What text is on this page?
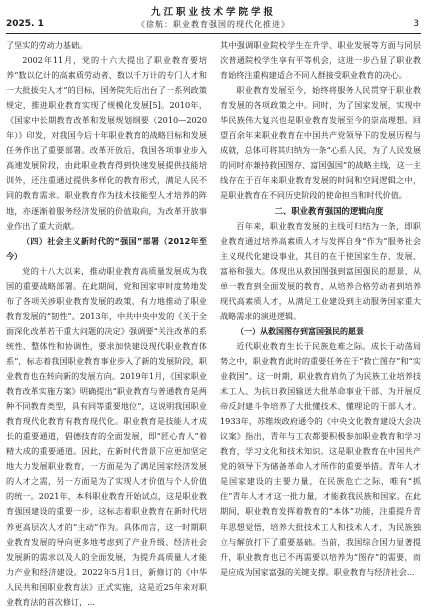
九江职业技术学院学报
2025. 1	《徐航：职业教育强国的现代化推进》	3

了坚实的劳动力基础。

2002年11月，党的十六大提出了职业教育要培养“数以亿计的高素质劳动者、数以千万计的专门人才和一大批拔尖人才”的目标，国务院先后出台了一系列政策规定，推进职业教育实现了规模化发展[5]。2010年，《国家中长期教育改革和发展规划纲要（2010—2020年）》印发，对我国今后十年职业教育的战略目标和发展任务作出了重要部署。改革开放后，我国各项事业步入高速发展阶段，由此职业教育得到快速发展提供技能培训外，还注重通过提供多样化的教育形式，满足人民不同的教育需求。职业教育作为技术技能型人才培养的阵地，亦逐渐着服务经济发展的价值取向，为改革开放事业作出了重大贡献。

（四）社会主义新时代的“强国”部署（2012年至今）

党的十八大以来，推动职业教育高质量发展成为我国的重要战略部署。在此期间，党和国家审时度势地发布了各项关涉职业教育发展的政策，有力地推动了职业教育发展的“韧性”。2013年，中共中央中发的《关于全面深化改革若干重大问题的决定》强调要“关注改革的系统性、整体性和协调性，要求加快建设现代职业教育体系”，标志着我国职业教育事业步入了新的发展阶段，职业教育也在转向新的发展方向。2019年1月，《国家职业教育改革实施方案》明确提出“职业教育与普通教育是两种不同教育类型，具有同等重要地位”，这说明我国职业教育现代化教育有教育现代化。职业教育是技能人才成长的重要通道，倡德技育的全面发展，即“匠心育人”着精大成的重要通道。因此，在新时代背景下应更加坚定地大力发展职业教育，一方面是为了满足国家经济发展的人才之需，另一方面是为了实现人才价值与个人价值的统一。2021年，本科职业教育开始试点，这是职业教育强国建设的重要一步，这标志着职业教育在新时代培养更高层次人才的“主动”作为。具体而言，这一时期职业教育发展的导向更多地考虑到了产业升级、经济社会发展新的需求以及人的全面发展，为提升高质量人才能力产业和经济建设。2022年5月1日，新修订的《中华人民共和国职业教育法》正式实施，这是近25年来对职业教育法的首次修订，...

其中强调职业院校学生在升学、职业发展等方面与同层次普通院校学生享有平等机会，这进一步凸显了职业教育始终注重构建适合不同人群接受职业教育的决心。

职业教育发展至今，始终将服务人民贯穿于职业教育发展的各项政策之中。同时，为了国家发展，实现中华民族伟大复兴也是职业教育发展至今的崇高理想。回望百余年来职业教育在中国共产党领导下的发展历程与成就，总体可将其归纳为一条“心系人民，为了人民发展的同时亦兼持救国图存、富国强国”的战略主线，这一主线存在于百年来职业教育发展的时间和空间逻辑之中，是职业教育在不同历史阶段的使命担当和时代价值。

二、职业教育强国的逻辑向度

百年来，职业教育发展的主线可归结为一条，即职业教育通过培养高素质人才与发挥自身“作为”服务社会主义现代化建设事业，其目的在于使国家生存、发展、富裕和强大。体现出从救国图强到富国强民的愿景、从单一教育到全面发展的教育、从培养合格劳动者到培养现代高素质人才，从满足工业建设到主动服务国家重大战略需求的演进逻辑。

（一）从救国图存到富国强民的愿景

近代职业教育生长于民族危难之际。成长于动荡局势之中，职业教育此时的重要任务在于“救亡图存”和“实业救国”。这一时期，职业教育肩负了为民族工业培养技术工人、为抗日救国输送大批革命事业干部、为开展反帝反封建斗争培养了大批懂技术、懂理论的干部人才。1933年，苏维埃政府通令的《中央文化教育建设大会决议案》指出，青年与工农都要积极参加职业教育和学习教育，学习文化和技术知识。这是职业教育在中国共产党的领导下为储备革命人才所作的重要举措。青年人才是国家建设的主要力量，在民族危亡之际，唯有“抓住”青年人才才这一批力量，才能救我民族和国家。在此期间，职业教育发挥着教育的“本体”功能，注重提升青年思想觉悟，培养大批技术工人和技术人才，为民族独立与解放打下了重要基础。当前，我国综合国力显著提升，职业教育也已不再需要以培养为“图存”的需要，而是应成为国家富强的关键支撑。职业教育与经济社会...
